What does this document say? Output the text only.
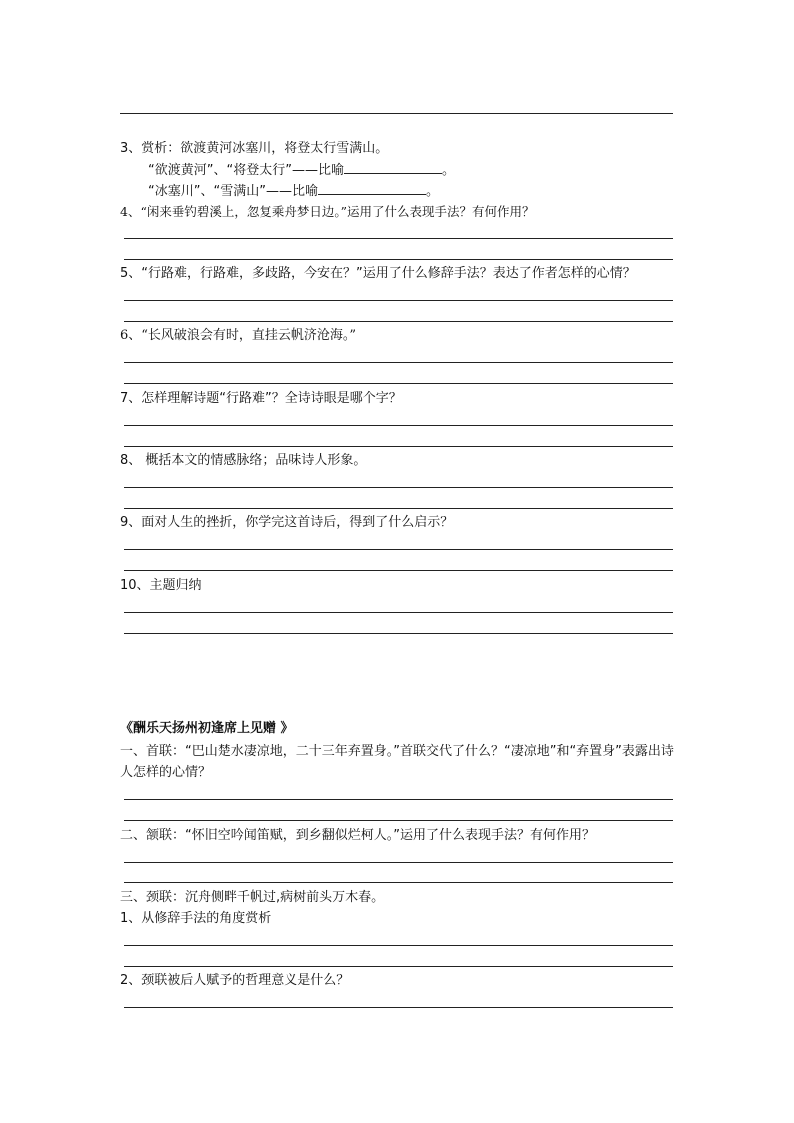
3、赏析：欲渡黄河冰塞川，将登太行雪满山。
“欲渡黄河”、“将登太行”——比喻	。
“冰塞川”、“雪满山”——比喻	。
4、“闲来垂钓碧溪上，忽复乘舟梦日边。”运用了什么表现手法？有何作用？
5、“行路难，行路难，多歧路，今安在？”运用了什么修辞手法？表达了作者怎样的心情？
6、“长风破浪会有时，直挂云帆济沧海。”
7、怎样理解诗题“行路难”？全诗诗眼是哪个字？
8、 概括本文的情感脉络；品味诗人形象。
9、面对人生的挫折，你学完这首诗后，得到了什么启示？
10、主题归纳
《酬乐天扬州初逢席上见赠 》
一、首联：“巴山楚水凄凉地，二十三年弃置身。”首联交代了什么？“凄凉地”和“弃置身”表露出诗人怎样的心情？
二、颔联：“怀旧空吟闻笛赋，到乡翻似烂柯人。”运用了什么表现手法？有何作用？
三、颈联：沉舟侧畔千帆过,病树前头万木春。
1、从修辞手法的角度赏析
2、颈联被后人赋予的哲理意义是什么？
